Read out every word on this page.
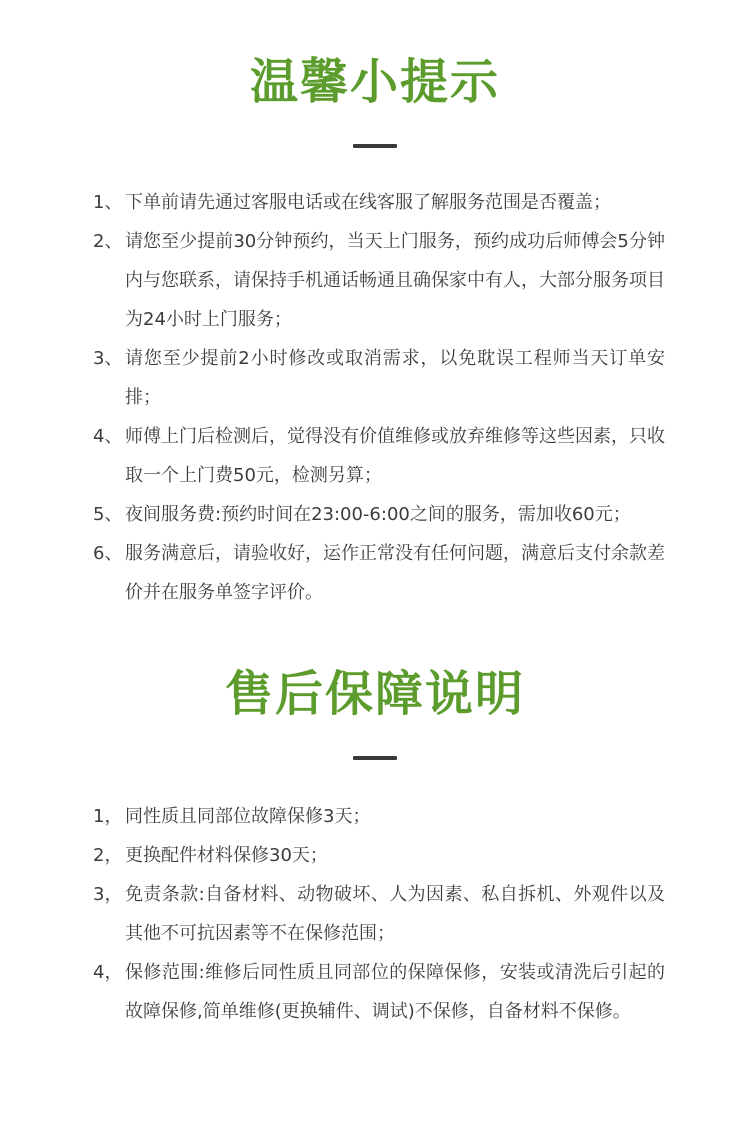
温馨小提示
1、 下单前请先通过客服电话或在线客服了解服务范围是否覆盖；
2、 请您至少提前30分钟预约，当天上门服务，预约成功后师傅会5分钟内与您联系，请保持手机通话畅通且确保家中有人，大部分服务项目为24小时上门服务；
3、 请您至少提前2小时修改或取消需求，以免耽误工程师当天订单安排；
4、 师傅上门后检测后，觉得没有价值维修或放弃维修等这些因素，只收取一个上门费50元，检测另算；
5、 夜间服务费:预约时间在23:00-6:00之间的服务，需加收60元；
6、 服务满意后，请验收好，运作正常没有任何问题，满意后支付余款差价并在服务单签字评价。
售后保障说明
1， 同性质且同部位故障保修3天；
2， 更换配件材料保修30天；
3， 免责条款:自备材料、动物破坏、人为因素、私自拆机、外观件以及其他不可抗因素等不在保修范围；
4， 保修范围:维修后同性质且同部位的保障保修，安装或清洗后引起的故障保修,简单维修(更换辅件、调试)不保修，自备材料不保修。
